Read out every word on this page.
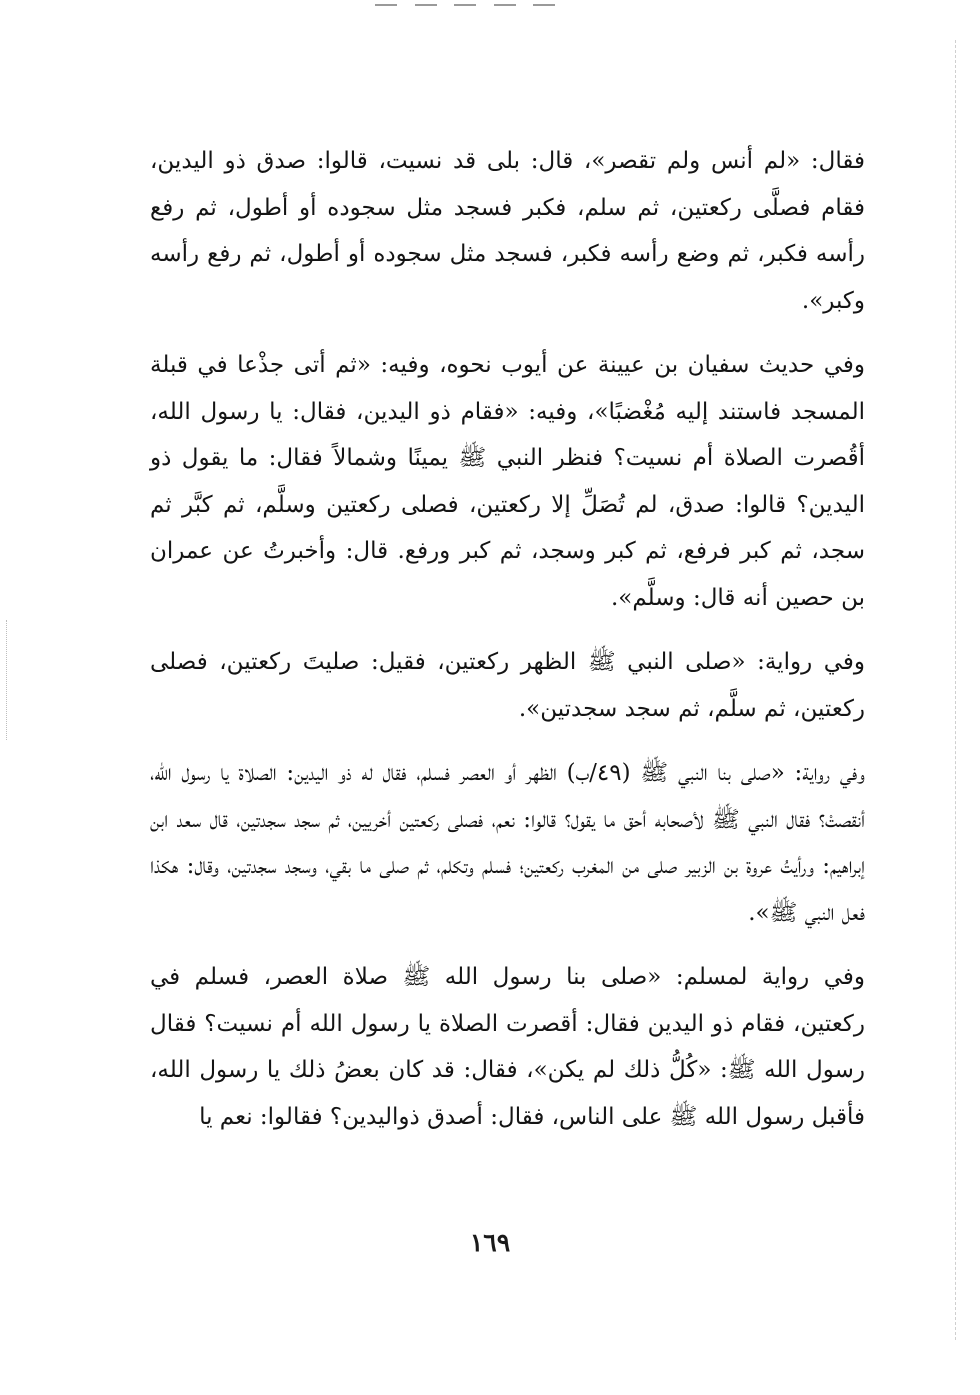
فقال: «لم أنس ولم تقصر»، قال: بلى قد نسيت، قالوا: صدق ذو اليدين، فقام فصلَّى ركعتين، ثم سلم، فكبر فسجد مثل سجوده أو أطول، ثم رفع رأسه فكبر، ثم وضع رأسه فكبر، فسجد مثل سجوده أو أطول، ثم رفع رأسه وكبر».

وفي حديث سفيان بن عيينة عن أيوب نحوه، وفيه: «ثم أتى جذْعا في قبلة المسجد فاستند إليه مُغْضبًا»، وفيه: «فقام ذو اليدين، فقال: يا رسول الله، أقُصرت الصلاة أم نسيت؟ فنظر النبي ﷺ يمينًا وشمالاً فقال: ما يقول ذو اليدين؟ قالوا: صدق، لم تُصَلِّ إلا ركعتين، فصلى ركعتين وسلَّم، ثم كبَّر ثم سجد، ثم كبر فرفع، ثم كبر وسجد، ثم كبر ورفع. قال: وأخبرتُ عن عمران بن حصين أنه قال: وسلَّم».

وفي رواية: «صلى النبي ﷺ الظهر ركعتين، فقيل: صليتَ ركعتين، فصلى ركعتين، ثم سلَّم، ثم سجد سجدتين».

وفي رواية: «صلى بنا النبي ﷺ (٤٩/ب) الظهر أو العصر فسلم، فقال له ذو اليدين: الصلاة يا رسول الله، أنقصتْ؟ فقال النبي ﷺ لأصحابه أحق ما يقول؟ قالوا: نعم، فصلى ركعتين أخريين، ثم سجد سجدتين، قال سعد ابن إبراهيم: ورأيتُ عروة بن الزبير صلى من المغرب ركعتين؛ فسلم وتكلم، ثم صلى ما بقي، وسجد سجدتين، وقال: هكذا فعل النبي ﷺ».

وفي رواية لمسلم: «صلى بنا رسول الله ﷺ صلاة العصر، فسلم في ركعتين، فقام ذو اليدين فقال: أقصرت الصلاة يا رسول الله أم نسيت؟ فقال رسول الله ﷺ: «كُلُّ ذلك لم يكن»، فقال: قد كان بعضُ ذلك يا رسول الله، فأقبل رسول الله ﷺ على الناس، فقال: أصدق ذواليدين؟ فقالوا: نعم يا

١٦٩
